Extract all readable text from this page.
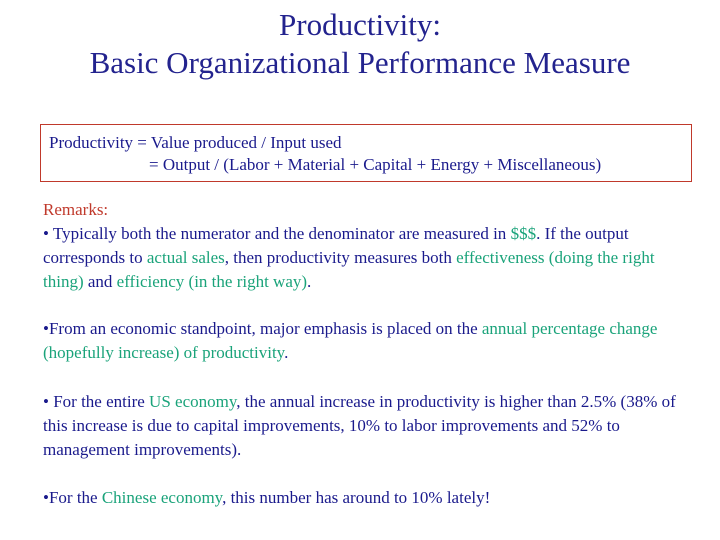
Productivity:
Basic Organizational Performance Measure
Productivity = Value produced / Input used
= Output / (Labor + Material + Capital + Energy + Miscellaneous)

Remarks:

• Typically both the numerator and the denominator are measured in $$$. If the output corresponds to actual sales, then productivity measures both effectiveness (doing the right thing) and efficiency (in the right way).

•From an economic standpoint, major emphasis is placed on the annual percentage change (hopefully increase) of productivity.

• For the entire US economy, the annual increase in productivity is higher than 2.5% (38% of this increase is due to capital improvements, 10% to labor improvements and 52% to management improvements).

•For the Chinese economy, this number has around to 10% lately!
